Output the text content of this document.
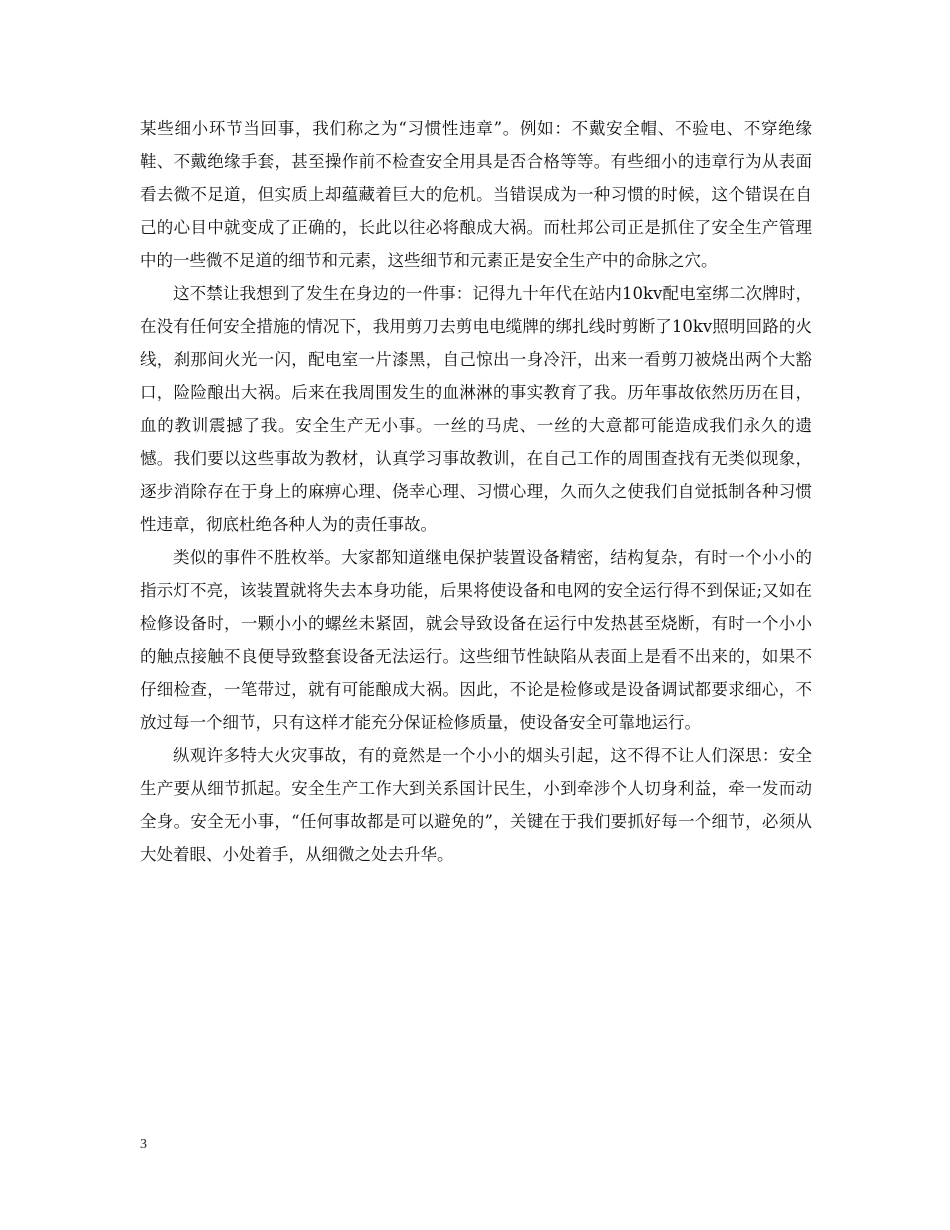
某些细小环节当回事，我们称之为“习惯性违章”。例如：不戴安全帽、不验电、不穿绝缘鞋、不戴绝缘手套，甚至操作前不检查安全用具是否合格等等。有些细小的违章行为从表面看去微不足道，但实质上却蕴藏着巨大的危机。当错误成为一种习惯的时候，这个错误在自己的心目中就变成了正确的，长此以往必将酿成大祸。而杜邦公司正是抓住了安全生产管理中的一些微不足道的细节和元素，这些细节和元素正是安全生产中的命脉之穴。

这不禁让我想到了发生在身边的一件事：记得九十年代在站内10kv配电室绑二次牌时，在没有任何安全措施的情况下，我用剪刀去剪电电缆牌的绑扎线时剪断了10kv照明回路的火线，刹那间火光一闪，配电室一片漆黑，自己惊出一身冷汗，出来一看剪刀被烧出两个大豁口，险险酿出大祸。后来在我周围发生的血淋淋的事实教育了我。历年事故依然历历在目，血的教训震撼了我。安全生产无小事。一丝的马虎、一丝的大意都可能造成我们永久的遗憾。我们要以这些事故为教材，认真学习事故教训，在自己工作的周围查找有无类似现象，逐步消除存在于身上的麻痹心理、侥幸心理、习惯心理，久而久之使我们自觉抵制各种习惯性违章，彻底杜绝各种人为的责任事故。

类似的事件不胜枚举。大家都知道继电保护装置设备精密，结构复杂，有时一个小小的指示灯不亮，该装置就将失去本身功能，后果将使设备和电网的安全运行得不到保证;又如在检修设备时，一颗小小的螺丝未紧固，就会导致设备在运行中发热甚至烧断，有时一个小小的触点接触不良便导致整套设备无法运行。这些细节性缺陷从表面上是看不出来的，如果不仔细检查，一笔带过，就有可能酿成大祸。因此，不论是检修或是设备调试都要求细心，不放过每一个细节，只有这样才能充分保证检修质量，使设备安全可靠地运行。

纵观许多特大火灾事故，有的竟然是一个小小的烟头引起，这不得不让人们深思：安全生产要从细节抓起。安全生产工作大到关系国计民生，小到牵涉个人切身利益，牵一发而动全身。安全无小事，“任何事故都是可以避免的”，关键在于我们要抓好每一个细节，必须从大处着眼、小处着手，从细微之处去升华。

3
